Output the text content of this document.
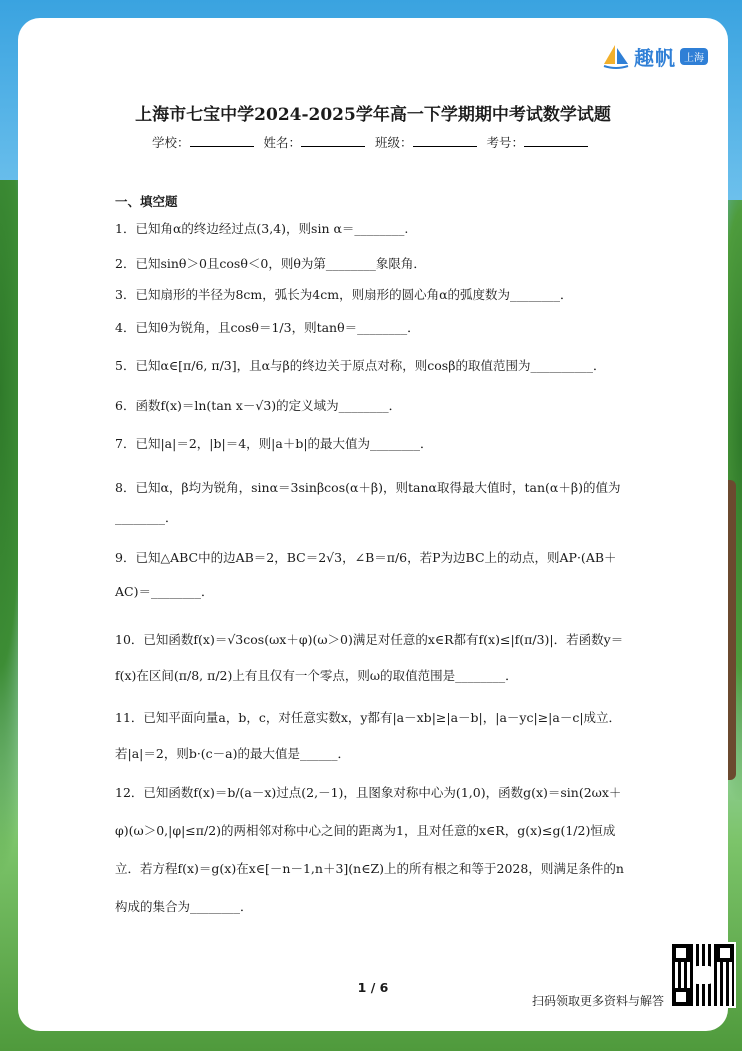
趣帆 上海
上海市七宝中学2024-2025学年高一下学期期中考试数学试题
学校：	姓名：	班级：	考号：
一、填空题
1．已知角α的终边经过点(3,4)，则sin α＝________.
2．已知sinθ＞0且cosθ＜0，则θ为第________象限角．
3．已知扇形的半径为8cm，弧长为4cm，则扇形的圆心角α的弧度数为________．
4．已知θ为锐角，且cosθ＝1/3，则tanθ＝________．
5．已知α∈[π/6, π/3]，且α与β的终边关于原点对称，则cosβ的取值范围为__________．
6．函数f(x)＝ln(tan x－√3)的定义域为________．
7．已知|a|＝2，|b|＝4，则|a＋b|的最大值为________．
8．已知α，β均为锐角，sinα＝3sinβcos(α＋β)，则tanα取得最大值时，tan(α＋β)的值为________．
9．已知△ABC中的边AB＝2，BC＝2√3，∠B＝π/6，若P为边BC上的动点，则AP·(AB＋AC)＝________．
10．已知函数f(x)＝√3cos(ωx＋φ)(ω＞0)满足对任意的x∈R都有f(x)≤|f(π/3)|．若函数y＝f(x)在区间(π/8, π/2)上有且仅有一个零点，则ω的取值范围是________．
11．已知平面向量a，b，c，对任意实数x，y都有|a－xb|≥|a－b|，|a－yc|≥|a－c|成立．若|a|＝2，则b·(c－a)的最大值是______．
12．已知函数f(x)＝b/(a－x)过点(2,－1)，且图象对称中心为(1,0)，函数g(x)＝sin(2ωx＋φ)(ω＞0,|φ|≤π/2)的两相邻对称中心之间的距离为1，且对任意的x∈R，g(x)≤g(1/2)恒成立．若方程f(x)＝g(x)在x∈[－n－1,n＋3](n∈Z)上的所有根之和等于2028，则满足条件的n构成的集合为________．
1 / 6
扫码领取更多资料与解答
